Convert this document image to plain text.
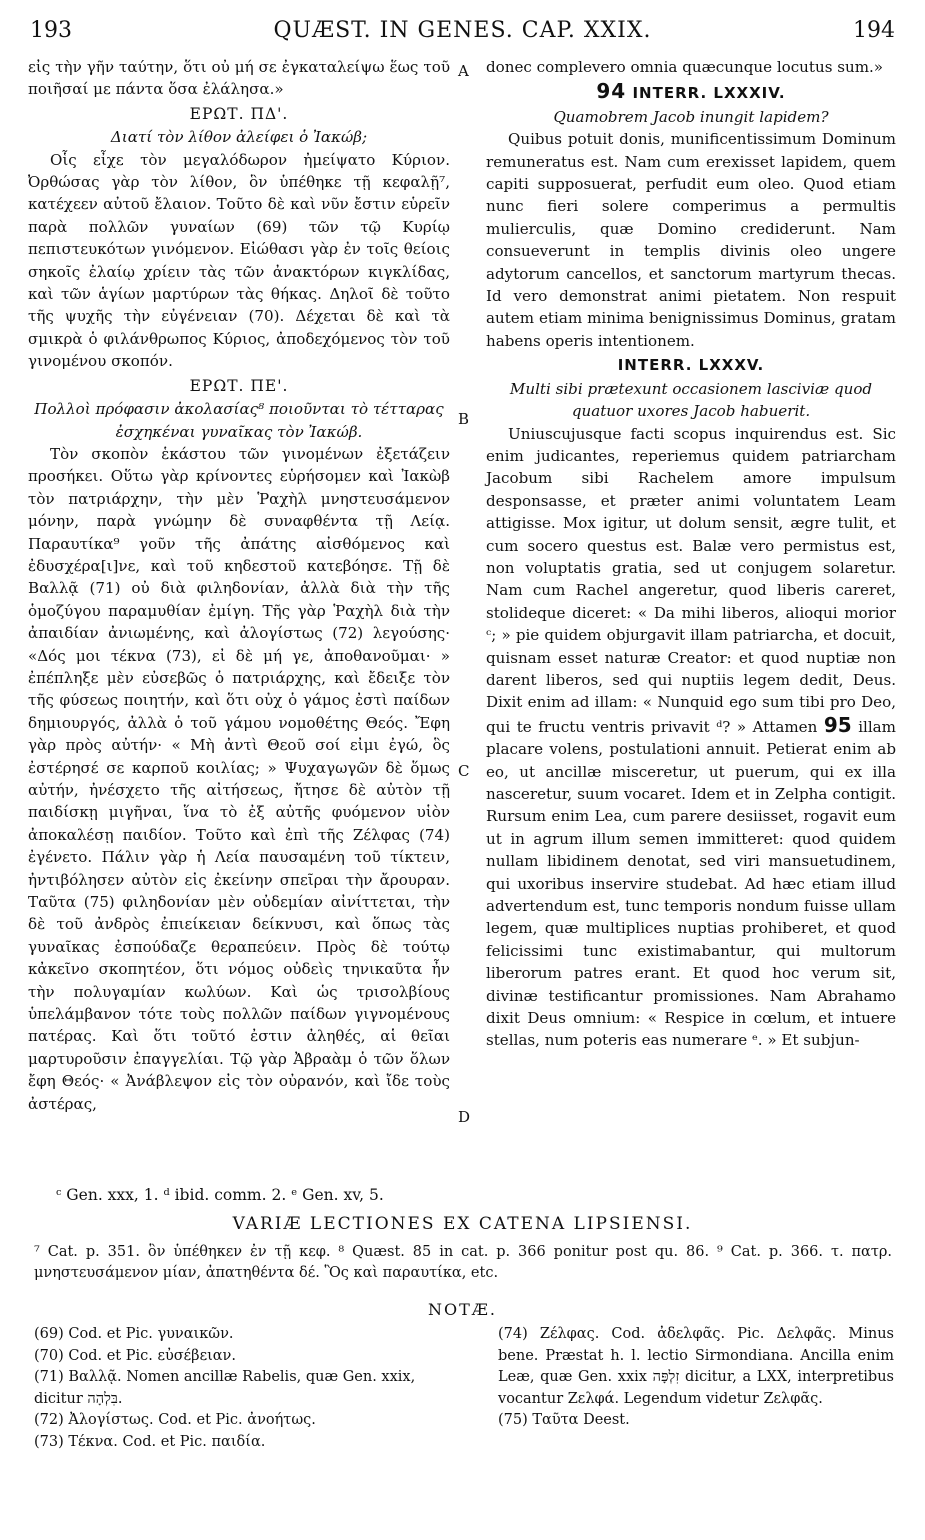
193	QUÆST. IN GENES. CAP. XXIX.	194

εἰς τὴν γῆν ταύτην, ὅτι οὐ μή σε ἐγκαταλείψω ἕως τοῦ ποιῆσαί με πάντα ὅσα ἐλάλησα.»

ΕΡΩΤ. ΠΔ'.
Διατί τὸν λίθον ἀλείφει ὁ Ἰακώβ;

Οἷς εἶχε τὸν μεγαλόδωρον ἠμείψατο Κύριον. Ὀρθώσας γὰρ τὸν λίθον, ὃν ὑπέθηκε τῇ κεφαλῇ⁷, κατέχεεν αὐτοῦ ἔλαιον. Τοῦτο δὲ καὶ νῦν ἔστιν εὑρεῖν παρὰ πολλῶν γυναίων (69) τῶν τῷ Κυρίῳ πεπιστευκότων γινόμενον. Εἰώθασι γὰρ ἐν τοῖς θείοις σηκοῖς ἐλαίῳ χρίειν τὰς τῶν ἀνακτόρων κιγκλίδας, καὶ τῶν ἁγίων μαρτύρων τὰς θήκας. Δηλοῖ δὲ τοῦτο τῆς ψυχῆς τὴν εὐγένειαν (70). Δέχεται δὲ καὶ τὰ σμικρὰ ὁ φιλάνθρωπος Κύριος, ἀποδεχόμενος τὸν τοῦ γινομένου σκοπόν.

ΕΡΩΤ. ΠΕ'.
Πολλοὶ πρόφασιν ἀκολασίας⁸ ποιοῦνται τὸ τέτταρας ἐσχηκέναι γυναῖκας τὸν Ἰακώβ.

Τὸν σκοπὸν ἑκάστου τῶν γινομένων ἐξετάζειν προσήκει. Οὕτω γὰρ κρίνοντες εὑρήσομεν καὶ Ἰακὼβ τὸν πατριάρχην, τὴν μὲν Ῥαχὴλ μνηστευσάμενον μόνην, παρὰ γνώμην δὲ συναφθέντα τῇ Λείᾳ. Παραυτίκα⁹ γοῦν τῆς ἀπάτης αἰσθόμενος καὶ ἐδυσχέρα[ι]νε, καὶ τοῦ κηδεστοῦ κατεβόησε. Τῇ δὲ Βαλλᾷ (71) οὐ διὰ φιληδονίαν, ἀλλὰ διὰ τὴν τῆς ὁμοζύγου παραμυθίαν ἐμίγη. Τῆς γὰρ Ῥαχὴλ διὰ τὴν ἀπαιδίαν ἀνιωμένης, καὶ ἀλογίστως (72) λεγούσης· «Δός μοι τέκνα (73), εἰ δὲ μή γε, ἀποθανοῦμαι· » ἐπέπληξε μὲν εὐσεβῶς ὁ πατριάρχης, καὶ ἔδειξε τὸν τῆς φύσεως ποιητήν, καὶ ὅτι οὐχ ὁ γάμος ἐστὶ παίδων δημιουργός, ἀλλὰ ὁ τοῦ γάμου νομοθέτης Θεός. Ἔφη γὰρ πρὸς αὐτήν· « Μὴ ἀντὶ Θεοῦ σοί εἰμι ἐγώ, ὃς ἐστέρησέ σε καρποῦ κοιλίας; » Ψυχαγωγῶν δὲ ὅμως αὐτήν, ἠνέσχετο τῆς αἰτήσεως, ἤτησε δὲ αὐτὸν τῇ παιδίσκῃ μιγῆναι, ἵνα τὸ ἐξ αὐτῆς φυόμενον υἱὸν ἀποκαλέσῃ παιδίον. Τοῦτο καὶ ἐπὶ τῆς Ζέλφας (74) ἐγένετο. Πάλιν γὰρ ἡ Λεία παυσαμένη τοῦ τίκτειν, ἠντιβόλησεν αὐτὸν εἰς ἐκείνην σπεῖραι τὴν ἄρουραν. Ταῦτα (75) φιληδονίαν μὲν οὐδεμίαν αἰνίττεται, τὴν δὲ τοῦ ἀνδρὸς ἐπιείκειαν δείκνυσι, καὶ ὅπως τὰς γυναῖκας ἐσπούδαζε θεραπεύειν. Πρὸς δὲ τούτῳ κἀκεῖνο σκοπητέον, ὅτι νόμος οὐδεὶς τηνικαῦτα ἦν τὴν πολυγαμίαν κωλύων. Καὶ ὡς τρισολβίους ὑπελάμβανον τότε τοὺς πολλῶν παίδων γιγνομένους πατέρας. Καὶ ὅτι τοῦτό ἐστιν ἀληθές, αἱ θεῖαι μαρτυροῦσιν ἐπαγγελίαι. Τῷ γὰρ Ἀβραὰμ ὁ τῶν ὅλων ἔφη Θεός· « Ἀνάβλεψον εἰς τὸν οὐρανόν, καὶ ἴδε τοὺς ἀστέρας,

A
B
C
D

donec complevero omnia quæcunque locutus sum.»

94 INTERR. LXXXIV.
Quamobrem Jacob inungit lapidem?

Quibus potuit donis, munificentissimum Dominum remuneratus est. Nam cum erexisset lapidem, quem capiti supposuerat, perfudit eum oleo. Quod etiam nunc fieri solere comperimus a permultis mulierculis, quæ Domino crediderunt. Nam consueverunt in templis divinis oleo ungere adytorum cancellos, et sanctorum martyrum thecas. Id vero demonstrat animi pietatem. Non respuit autem etiam minima benignissimus Dominus, gratam habens operis intentionem.

INTERR. LXXXV.
Multi sibi prætexunt occasionem lasciviæ quod quatuor uxores Jacob habuerit.

Uniuscujusque facti scopus inquirendus est. Sic enim judicantes, reperiemus quidem patriarcham Jacobum sibi Rachelem amore impulsum desponsasse, et præter animi voluntatem Leam attigisse. Mox igitur, ut dolum sensit, ægre tulit, et cum socero questus est. Balæ vero permistus est, non voluptatis gratia, sed ut conjugem solaretur. Nam cum Rachel angeretur, quod liberis careret, stolideque diceret: « Da mihi liberos, alioqui morior ᶜ; » pie quidem objurgavit illam patriarcha, et docuit, quisnam esset naturæ Creator: et quod nuptiæ non darent liberos, sed qui nuptiis legem dedit, Deus. Dixit enim ad illam: « Nunquid ego sum tibi pro Deo, qui te fructu ventris privavit ᵈ? » Attamen 95 illam placare volens, postulationi annuit. Petierat enim ab eo, ut ancillæ misceretur, ut puerum, qui ex illa nasceretur, suum vocaret. Idem et in Zelpha contigit. Rursum enim Lea, cum parere desiisset, rogavit eum ut in agrum illum semen immitteret: quod quidem nullam libidinem denotat, sed viri mansuetudinem, qui uxoribus inservire studebat. Ad hæc etiam illud advertendum est, tunc temporis nondum fuisse ullam legem, quæ multiplices nuptias prohiberet, et quod felicissimi tunc existimabantur, qui multorum liberorum patres erant. Et quod hoc verum sit, divinæ testificantur promissiones. Nam Abrahamo dixit Deus omnium: « Respice in cœlum, et intuere stellas, num poteris eas numerare ᵉ. » Et subjun-

ᶜ Gen. xxx, 1. ᵈ ibid. comm. 2. ᵉ Gen. xv, 5.
VARIÆ LECTIONES EX CATENA LIPSIENSI.
⁷ Cat. p. 351. ὃν ὑπέθηκεν ἐν τῇ κεφ. ⁸ Quæst. 85 in cat. p. 366 ponitur post qu. 86. ⁹ Cat. p. 366. τ. πατρ. μνηστευσάμενον μίαν, ἀπατηθέντα δέ. Ὃς καὶ παραυτίκα, etc.
NOTÆ.
(69) Cod. et Pic. γυναικῶν.
(70) Cod. et Pic. εὐσέβειαν.
(71) Βαλλᾷ. Nomen ancillæ Rabelis, quæ Gen. xxix, dicitur בִּלְהָה.
(72) Ἀλογίστως. Cod. et Pic. ἀνοήτως.
(73) Τέκνα. Cod. et Pic. παιδία.
(74) Ζέλφας. Cod. ἀδελφᾶς. Pic. Δελφᾶς. Minus bene. Præstat h. l. lectio Sirmondiana. Ancilla enim Leæ, quæ Gen. xxix זִלְפָּה dicitur, a LXX, interpretibus vocantur Ζελφά. Legendum videtur Ζελφᾶς.
(75) Ταῦτα Deest.
